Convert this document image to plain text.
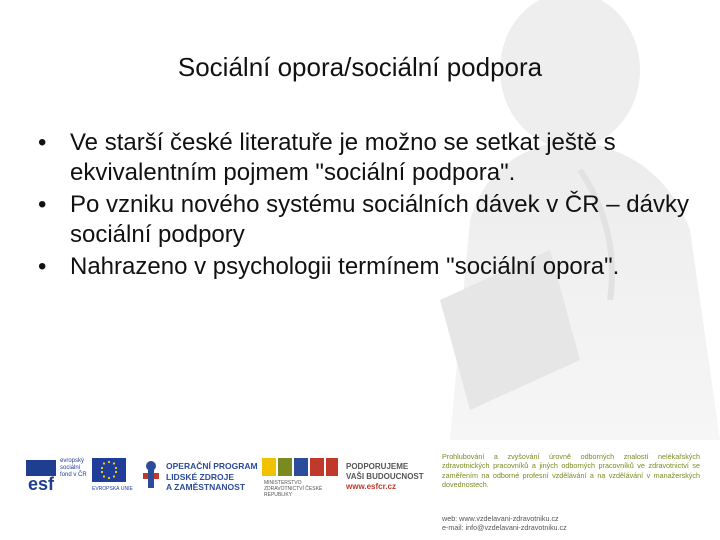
Sociální opora/sociální podpora
• Ve starší české literatuře je možno se setkat ještě s ekvivalentním pojmem "sociální podpora".
• Po vzniku nového systému sociálních dávek v ČR – dávky sociální podpory
• Nahrazeno v psychologii termínem "sociální opora".
esf
evropský sociální fond v ČR
EVROPSKÁ UNIE
OPERAČNÍ PROGRAM
LIDSKÉ ZDROJE
A ZAMĚSTNANOST	MINISTERSTVO ZDRAVOTNICTVÍ ČESKÉ REPUBLIKY
PODPORUJEME
VAŠI BUDOUCNOST
www.esfcr.cz
Prohlubování a zvyšování úrovně odborných znalostí nelékařských zdravotnických pracovníků a jiných odborných pracovníků ve zdravotnictví se zaměřením na odborné profesní vzdělávání a na vzdělávání v manažerských dovednostech.
web: www.vzdelavani-zdravotniku.cz
e-mail: info@vzdelavani-zdravotniku.cz
